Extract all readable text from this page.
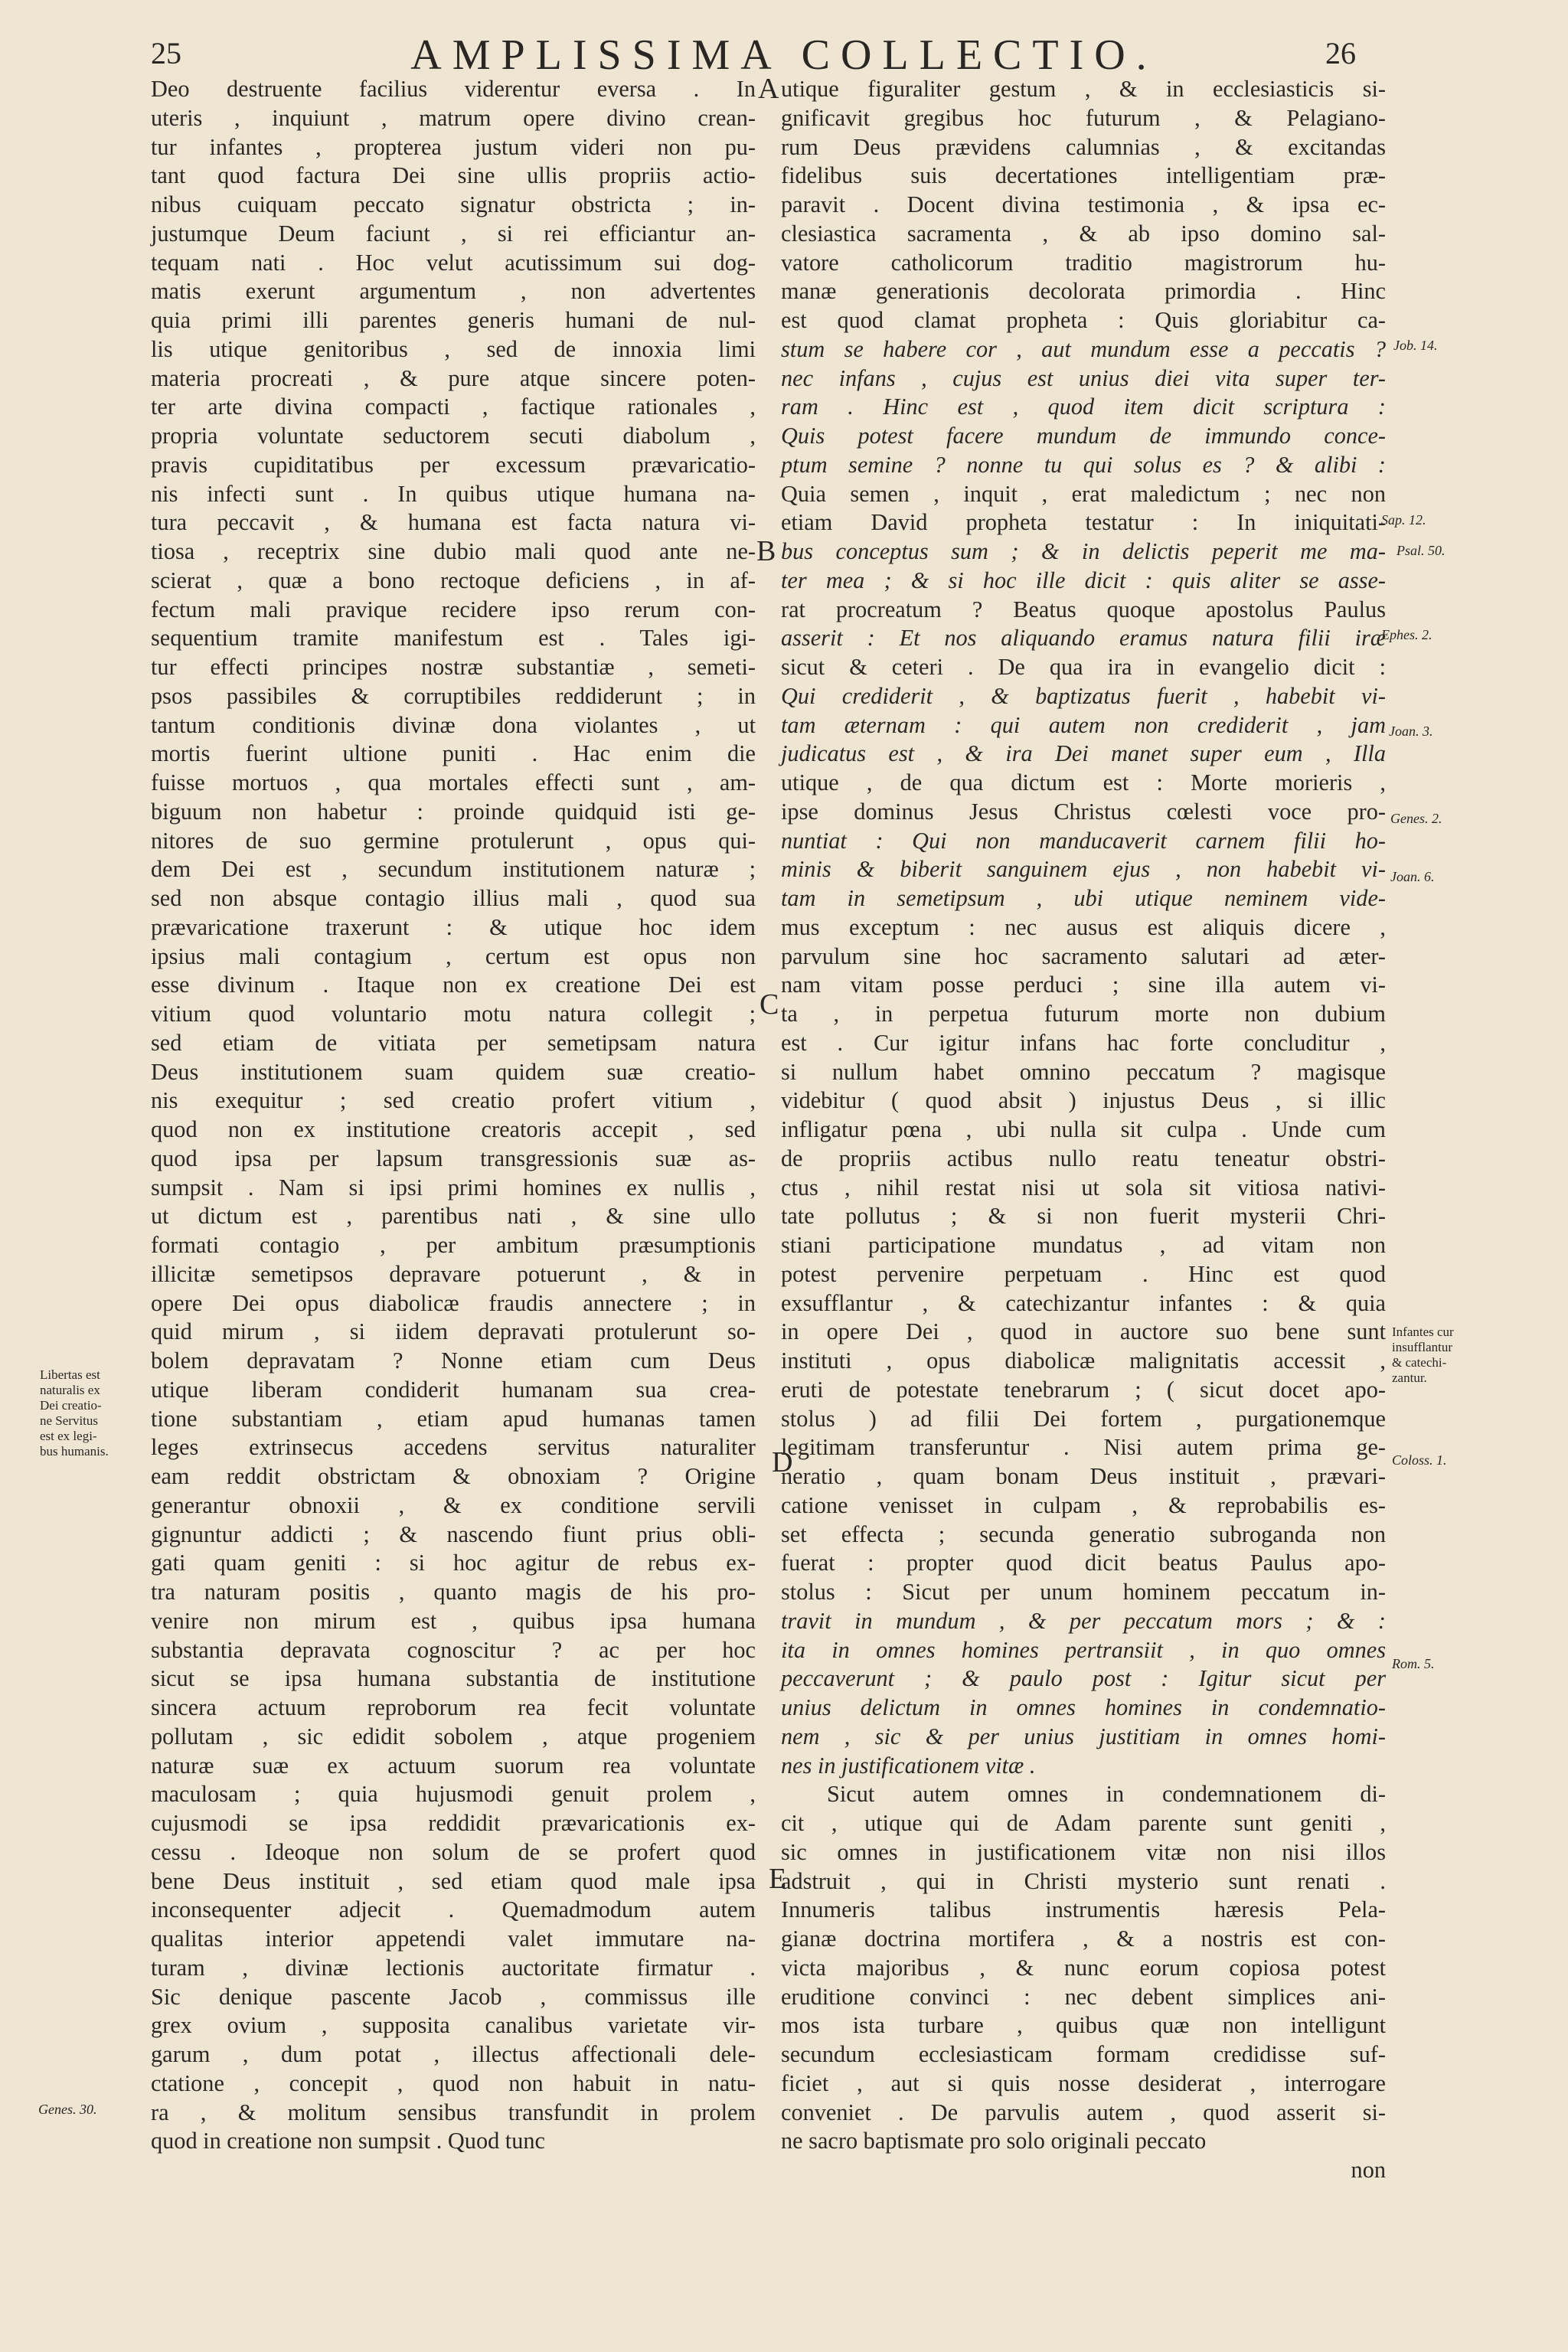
25	AMPLISSIMA COLLECTIO.	26
Deo destruente facilius viderentur eversa . In
uteris , inquiunt , matrum opere divino crean-
tur infantes , propterea justum videri non pu-
tant quod factura Dei sine ullis propriis actio-
nibus cuiquam peccato signatur obstricta ; in-
justumque Deum faciunt , si rei efficiantur an-
tequam nati . Hoc velut acutissimum sui dog-
matis exerunt argumentum , non advertentes
quia primi illi parentes generis humani de nul-
lis utique genitoribus , sed de innoxia limi
materia procreati , & pure atque sincere poten-
ter arte divina compacti , factique rationales ,
propria voluntate seductorem secuti diabolum ,
pravis cupiditatibus per excessum prævaricatio-
nis infecti sunt . In quibus utique humana na-
tura peccavit , & humana est facta natura vi-
tiosa , receptrix sine dubio mali quod ante ne-
scierat , quæ a bono rectoque deficiens , in af-
fectum mali pravique recidere ipso rerum con-
sequentium tramite manifestum est . Tales igi-
tur effecti principes nostræ substantiæ , semeti-
psos passibiles & corruptibiles reddiderunt ; in
tantum conditionis divinæ dona violantes , ut
mortis fuerint ultione puniti . Hac enim die
fuisse mortuos , qua mortales effecti sunt , am-
biguum non habetur : proinde quidquid isti ge-
nitores de suo germine protulerunt , opus qui-
dem Dei est , secundum institutionem naturæ ;
sed non absque contagio illius mali , quod sua
prævaricatione traxerunt : & utique hoc idem
ipsius mali contagium , certum est opus non
esse divinum . Itaque non ex creatione Dei est
vitium quod voluntario motu natura collegit ;
sed etiam de vitiata per semetipsam natura
Deus institutionem suam quidem suæ creatio-
nis exequitur ; sed creatio profert vitium ,
quod non ex institutione creatoris accepit , sed
quod ipsa per lapsum transgressionis suæ as-
sumpsit . Nam si ipsi primi homines ex nullis ,
ut dictum est , parentibus nati , & sine ullo
formati contagio , per ambitum præsumptionis
illicitæ semetipsos depravare potuerunt , & in
opere Dei opus diabolicæ fraudis annectere ; in
quid mirum , si iidem depravati protulerunt so-
bolem depravatam ? Nonne etiam cum Deus
utique liberam condiderit humanam sua crea-
tione substantiam , etiam apud humanas tamen
leges extrinsecus accedens servitus naturaliter
eam reddit obstrictam & obnoxiam ? Origine
generantur obnoxii , & ex conditione servili
gignuntur addicti ; & nascendo fiunt prius obli-
gati quam geniti : si hoc agitur de rebus ex-
tra naturam positis , quanto magis de his pro-
venire non mirum est , quibus ipsa humana
substantia depravata cognoscitur ? ac per hoc
sicut se ipsa humana substantia de institutione
sincera actuum reproborum rea fecit voluntate
pollutam , sic edidit sobolem , atque progeniem
naturæ suæ ex actuum suorum rea voluntate
maculosam ; quia hujusmodi genuit prolem ,
cujusmodi se ipsa reddidit prævaricationis ex-
cessu . Ideoque non solum de se profert quod
bene Deus instituit , sed etiam quod male ipsa
inconsequenter adjecit . Quemadmodum autem
qualitas interior appetendi valet immutare na-
turam , divinæ lectionis auctoritate firmatur .
Sic denique pascente Jacob , commissus ille
grex ovium , supposita canalibus varietate vir-
garum , dum potat , illectus affectionali dele-
ctatione , concepit , quod non habuit in natu-
ra , & molitum sensibus transfundit in prolem
quod in creatione non sumpsit . Quod tunc
utique figuraliter gestum , & in ecclesiasticis si-
gnificavit gregibus hoc futurum , & Pelagiano-
rum Deus prævidens calumnias , & excitandas
fidelibus suis decertationes intelligentiam præ-
paravit . Docent divina testimonia , & ipsa ec-
clesiastica sacramenta , & ab ipso domino sal-
vatore catholicorum traditio magistrorum hu-
manæ generationis decolorata primordia . Hinc
est quod clamat propheta : Quis gloriabitur ca-
stum se habere cor , aut mundum esse a peccatis ?
nec infans , cujus est unius diei vita super ter-
ram . Hinc est , quod item dicit scriptura :
Quis potest facere mundum de immundo conce-
ptum semine ? nonne tu qui solus es ? & alibi :
Quia semen , inquit , erat maledictum ; nec non
etiam David propheta testatur : In iniquitati-
bus conceptus sum ; & in delictis peperit me ma-
ter mea ; & si hoc ille dicit : quis aliter se asse-
rat procreatum ? Beatus quoque apostolus Paulus
asserit : Et nos aliquando eramus natura filii iræ
sicut & ceteri . De qua ira in evangelio dicit :
Qui crediderit , & baptizatus fuerit , habebit vi-
tam æternam : qui autem non crediderit , jam
judicatus est , & ira Dei manet super eum , Illa
utique , de qua dictum est : Morte morieris ,
ipse dominus Jesus Christus cœlesti voce pro-
nuntiat : Qui non manducaverit carnem filii ho-
minis & biberit sanguinem ejus , non habebit vi-
tam in semetipsum , ubi utique neminem vide-
mus exceptum : nec ausus est aliquis dicere ,
parvulum sine hoc sacramento salutari ad æter-
nam vitam posse perduci ; sine illa autem vi-
ta , in perpetua futurum morte non dubium
est . Cur igitur infans hac forte concluditur ,
si nullum habet omnino peccatum ? magisque
videbitur ( quod absit ) injustus Deus , si illic
infligatur pœna , ubi nulla sit culpa . Unde cum
de propriis actibus nullo reatu teneatur obstri-
ctus , nihil restat nisi ut sola sit vitiosa nativi-
tate pollutus ; & si non fuerit mysterii Chri-
stiani participatione mundatus , ad vitam non
potest pervenire perpetuam . Hinc est quod
exsufflantur , & catechizantur infantes : & quia
in opere Dei , quod in auctore suo bene sunt
instituti , opus diabolicæ malignitatis accessit ,
eruti de potestate tenebrarum ; ( sicut docet apo-
stolus ) ad filii Dei fortem , purgationemque
legitimam transferuntur . Nisi autem prima ge-
neratio , quam bonam Deus instituit , prævari-
catione venisset in culpam , & reprobabilis es-
set effecta ; secunda generatio subroganda non
fuerat : propter quod dicit beatus Paulus apo-
stolus : Sicut per unum hominem peccatum in-
travit in mundum , & per peccatum mors ; & :
ita in omnes homines pertransiit , in quo omnes
peccaverunt ; & paulo post : Igitur sicut per
unius delictum in omnes homines in condemnatio-
nem , sic & per unius justitiam in omnes homi-
nes in justificationem vitæ .
Sicut autem omnes in condemnationem di-
cit , utique qui de Adam parente sunt geniti ,
sic omnes in justificationem vitæ non nisi illos
adstruit , qui in Christi mysterio sunt renati .
Innumeris talibus instrumentis hæresis Pela-
gianæ doctrina mortifera , & a nostris est con-
victa majoribus , & nunc eorum copiosa potest
eruditione convinci : nec debent simplices ani-
mos ista turbare , quibus quæ non intelligunt
secundum ecclesiasticam formam credidisse suf-
ficiet , aut si quis nosse desiderat , interrogare
conveniet . De parvulis autem , quod asserit si-
ne sacro baptismate pro solo originali peccato
non
A
B
C
D
E
Job. 14.
Sap. 12.
Psal. 50.
Ephes. 2.
Joan. 3.
Genes. 2.
Joan. 6.
Coloss. 1.
Rom. 5.
Genes. 30.
Libertas est
naturalis ex
Dei creatio-
ne Servitus
est ex legi-
bus humanis.
Infantes cur
insufflantur
& catechi-
zantur.
